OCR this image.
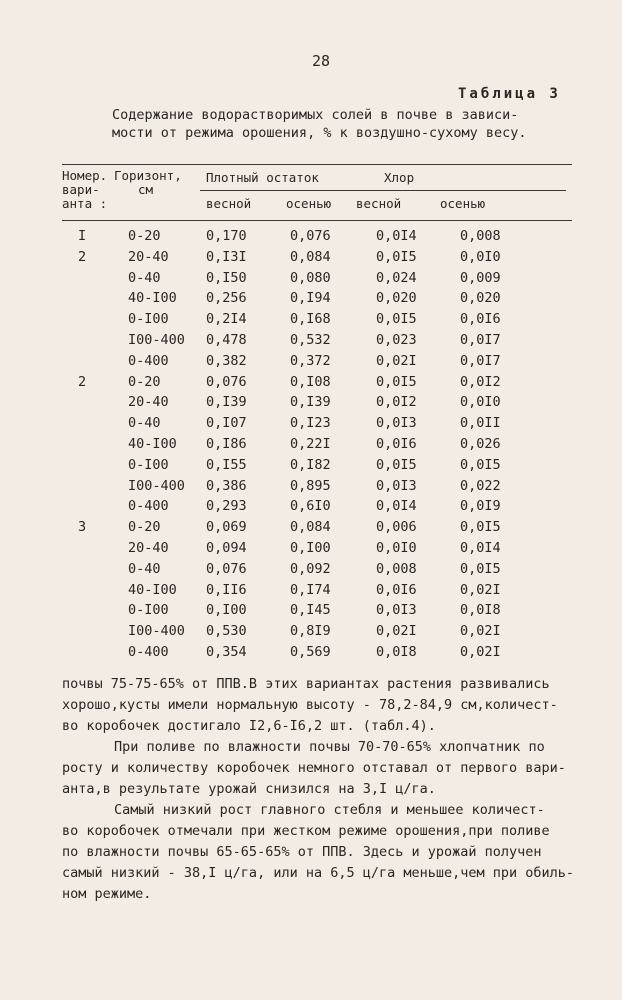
28
Таблица 3
Содержание водорастворимых солей в почве в зависи-
мости от режима орошения, % к воздушно-сухому весу.
Номер.
вари-
анта :
Горизонт,
см
Плотный остаток	Хлор
весной	осенью весной	осенью
I	0-20	0,170	0,076	0,0I4	0,008
2	20-40	0,I3I	0,084	0,0I5	0,0I0
0-40	0,I50	0,080	0,024	0,009
40-I00 0,256	0,I94	0,020	0,020
0-I00	0,2I4	0,I68	0,0I5	0,0I6
I00-400 0,478	0,532	0,023	0,0I7
0-400	0,382	0,372	0,02I	0,0I7
2	0-20	0,076	0,I08	0,0I5	0,0I2
20-40	0,I39	0,I39	0,0I2	0,0I0
0-40	0,I07	0,I23	0,0I3	0,0II
40-I00 0,I86	0,22I	0,0I6	0,026
0-I00	0,I55	0,I82	0,0I5	0,0I5
I00-400 0,386	0,895	0,0I3	0,022
0-400	0,293	0,6I0	0,0I4	0,0I9
3	0-20	0,069	0,084	0,006	0,0I5
20-40	0,094	0,I00	0,0I0	0,0I4
0-40	0,076	0,092	0,008	0,0I5
40-I00 0,II6	0,I74	0,0I6	0,02I
0-I00	0,I00	0,I45	0,0I3	0,0I8
I00-400 0,530	0,8I9	0,02I	0,02I
0-400	0,354	0,569	0,0I8	0,02I
почвы 75-75-65% от ППВ.В этих вариантах растения развивались
хорошо,кусты имели нормальную высоту - 78,2-84,9 см,количест-
во коробочек достигало I2,6-I6,2 шт. (табл.4).
При поливе по влажности почвы 70-70-65% хлопчатник по
росту и количеству коробочек немного отставал от первого вари-
анта,в результате урожай снизился на 3,I ц/га.
Самый низкий рост главного стебля и меньшее количест-
во коробочек отмечали при жестком режиме орошения,при поливе
по влажности почвы 65-65-65% от ППВ. Здесь и урожай получен
самый низкий - 38,I ц/га, или на 6,5 ц/га меньше,чем при обиль-
ном режиме.
